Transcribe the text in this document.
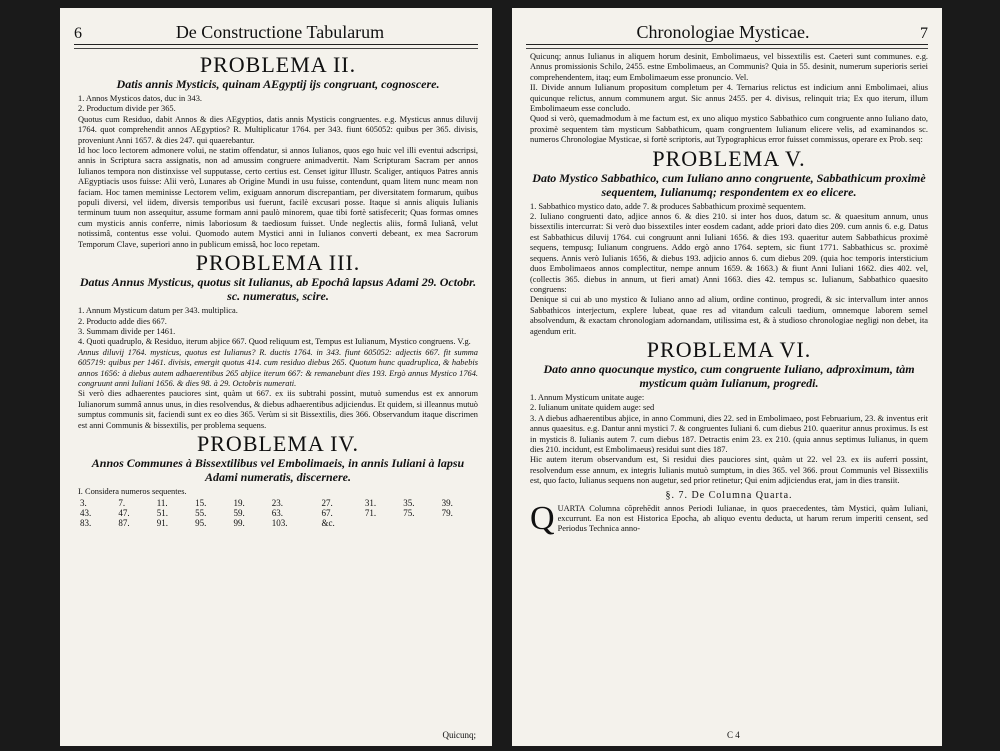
6	De Constructione Tabularum
PROBLEMA II.
Datis annis Mysticis, quinam AEgyptij ijs congruant, cognoscere.

1. Annos Mysticos datos, duc in 343.

2. Productum divide per 365.

Quotus cum Residuo, dabit Annos & dies AEgyptios, datis annis Mysticis congruentes. e.g. Mysticus annus diluvij 1764. quot comprehendit annos AEgyptios? R. Multiplicatur 1764. per 343. fiunt 605052: quibus per 365. divisis, proveniunt Anni 1657. & dies 247. qui quaerebantur.

Id hoc loco lectorem admonere volui, ne statim offendatur, si annos Iulianos, quos ego huic vel illi eventui adscripsi, annis in Scriptura sacra assignatis, non ad amussim congruere animadvertit. Nam Scripturam Sacram per annos Iulianos tempora non distinxisse vel supputasse, certo certius est. Censet igitur Illustr. Scaliger, antiquos Patres annis AEgyptiacis usos fuisse: Alii verò, Lunares ab Origine Mundi in usu fuisse, contendunt, quam litem nunc meam non faciam. Hoc tamen meminisse Lectorem velim, exiguam annorum discrepantiam, per diversitatem formarum, quibus populi diversi, vel iidem, diversis temporibus usi fuerunt, facilè excusari posse. Itaque si annis aliquis Iulianis terminum tuum non assequitur, assume formam anni paulò minorem, quae tibi fortè satisfecerit; Quas formas omnes cum mysticis annis conferre, nimis laboriosum & taediosum fuisset. Unde neglectis aliis, formâ Iulianâ, velut notissimâ, contentus esse volui. Quomodo autem Mystici anni in Iulianos converti debeant, ex mea Sacrorum Temporum Clave, superiori anno in publicum emissâ, hoc loco repetam.

PROBLEMA III.
Datus Annus Mysticus, quotus sit Iulianus, ab Epochâ lapsus Adami 29. Octobr. sc. numeratus, scire.

1. Annum Mysticum datum per 343. multiplica.

2. Producto adde dies 667.

3. Summam divide per 1461.

4. Quoti quadruplo, & Residuo, iterum abjice 667. Quod reliquum est, Tempus est Iulianum, Mystico congruens. V.g.

Annus diluvij 1764. mysticus, quotus est Iulianus? R. ductis 1764. in 343. fiunt 605052: adjectis 667. fit summa 605719: quibus per 1461. divisis, emergit quotus 414. cum residuo diebus 265. Quotum hunc quadruplica, & habebis annos 1656: à diebus autem adhaerentibus 265 abjice iterum 667: & remanebunt dies 193. Ergò annus Mystico 1764. congruunt anni Iuliani 1656. & dies 98. à 29. Octobris numerati.

Si verò dies adhaerentes pauciores sint, quàm ut 667. ex iis subtrahi possint, mutuò sumendus est ex annorum Iulianorum summâ annus unus, in dies resolvendus, & diebus adhaerentibus adjiciendus. Et quidem, si illeannus mutuò sumptus communis sit, faciendi sunt ex eo dies 365. Verùm si sit Bissextilis, dies 366. Observandum itaque discrimen est anni Communis & bissextilis, per problema sequens.

PROBLEMA IV.
Annos Communes à Bissextilibus vel Embolimaeis, in annis Iuliani à lapsu Adami numeratis, discernere.

I. Considera numeros sequentes.

3.	7.	11.	15.	19.	23.	27.	31.	35.	39.
43.	47.	51.	55.	59.	63.	67.	71.	75.	79.
83.	87.	91.	95.	99.	103.	&c.			
Quicunq;
Chronologiae Mysticae.	7

Quicunq; annus Iulianus in aliquem horum desinit, Embolimaeus, vel bissextilis est. Caeteri sunt communes. e.g. Annus promissionis Schilo, 2455. estne Embolimaeus, an Communis? Quia in 55. desinit, numerum superioris seriei comprehendentem, itaq; eum Embolimaeum esse pronuncio. Vel.

II. Divide annum Iulianum propositum completum per 4. Ternarius relictus est indicium anni Embolimaei, alius quicunque relictus, annum communem argut. Sic annus 2455. per 4. divisus, relinquit tria; Ex quo iterum, illum Embolimaeum esse concludo.

Quod si verò, quemadmodum à me factum est, ex uno aliquo mystico Sabbathico cum congruente anno Iuliano dato, proximè sequentem tàm mysticum Sabbathicum, quam congruentem Iulianum elicere velis, ad examinandos sc. numeros Chronologiae Mysticae, si fortè scriptoris, aut Typographicus error fuisset commissus, operare ex Prob. seq:

PROBLEMA V.
Dato Mystico Sabbathico, cum Iuliano anno congruente, Sabbathicum proximè sequentem, Iulianumq; respondentem ex eo elicere.

1. Sabbathico mystico dato, adde 7. & produces Sabbathicum proximè sequentem.

2. Iuliano congruenti dato, adjice annos 6. & dies 210. si inter hos duos, datum sc. & quaesitum annum, unus bissextilis intercurrat: Si verò duo bissextiles inter eosdem cadant, adde priori dato dies 209. cum annis 6. e.g. Datus est Sabbathicus diluvij 1764. cui congruunt anni Iuliani 1656. & dies 193. quaeritur autem Sabbathicus proximè sequens, tempusq; Iulianum congruens. Addo ergò anno 1764. septem, sic fiunt 1771. Sabbathicus sc. proximè sequens. Annis verò Iulianis 1656, & diebus 193. adjicio annos 6. cum diebus 209. (quia hoc temporis intersticium duos Embolimaeos annos complectitur, nempe annum 1659. & 1663.) & fiunt Anni Iuliani 1662. dies 402. vel, (collectis 365. diebus in annum, ut fieri amat) Anni 1663. dies 42. tempus sc. Iulianum, Sabbathico quaesito congruens:

Denique si cui ab uno mystico & Iuliano anno ad alium, ordine continuo, progredi, & sic intervallum inter annos Sabbathicos interjectum, explere lubeat, quae res ad vitandum calculi taedium, omnemque laborem semel absolvendum, & exactam chronologiam adornandam, utilissima est, & à studioso chronologiae negligi non debet, ita agendum erit.

PROBLEMA VI.
Dato anno quocunque mystico, cum congruente Iuliano, adproximum, tàm mysticum quàm Iulianum, progredi.

1. Annum Mysticum unitate auge:

2. Iulianum unitate quidem auge: sed

3. A diebus adhaerentibus abjice, in anno Communi, dies 22. sed in Embolimaeo, post Februarium, 23. & inventus erit annus quaesitus. e.g. Dantur anni mystici 7. & congruentes Iuliani 6. cum diebus 210. quaeritur annus proximus. Is est in mysticis 8. Iulianis autem 7. cum diebus 187. Detractis enim 23. ex 210. (quia annus septimus Iulianus, in quem dies 210. incidunt, est Embolimaeus) residui sunt dies 187.

Hic autem iterum observandum est, Si residui dies pauciores sint, quàm ut 22. vel 23. ex iis auferri possint, resolvendum esse annum, ex integris Iulianis mutuò sumptum, in dies 365. vel 366. prout Communis vel Bissextilis est, quo facto, Iulianus sequens non augetur, sed prior retinetur; Qui enim adjiciendus erat, jam in dies transiit.

§. 7. De Columna Quarta.

Q UARTA Columna cōprehēdit annos Periodi Iulianae, in quos praecedentes, tàm Mystici, quàm Iuliani, excurrunt. Ea non est Historica Epocha, ab aliquo eventu deducta, ut harum rerum imperiti censent, sed Periodus Technica anno-

C 4
